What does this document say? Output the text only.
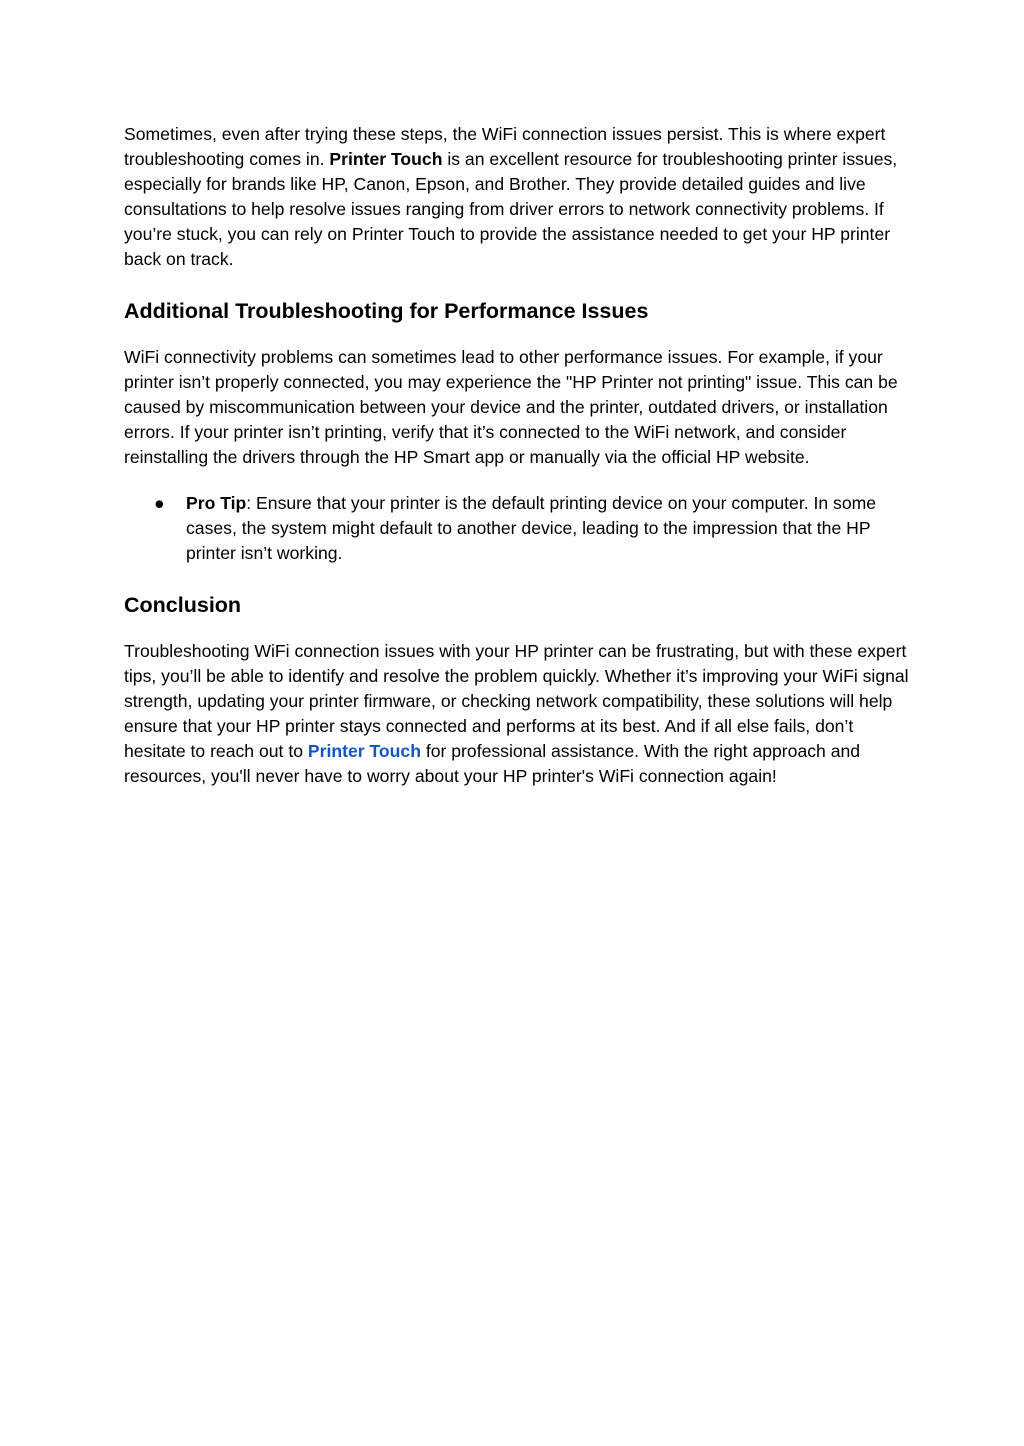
Sometimes, even after trying these steps, the WiFi connection issues persist. This is where expert troubleshooting comes in. Printer Touch is an excellent resource for troubleshooting printer issues, especially for brands like HP, Canon, Epson, and Brother. They provide detailed guides and live consultations to help resolve issues ranging from driver errors to network connectivity problems. If you’re stuck, you can rely on Printer Touch to provide the assistance needed to get your HP printer back on track.

Additional Troubleshooting for Performance Issues

WiFi connectivity problems can sometimes lead to other performance issues. For example, if your printer isn’t properly connected, you may experience the "HP Printer not printing" issue. This can be caused by miscommunication between your device and the printer, outdated drivers, or installation errors. If your printer isn’t printing, verify that it’s connected to the WiFi network, and consider reinstalling the drivers through the HP Smart app or manually via the official HP website.

● Pro Tip: Ensure that your printer is the default printing device on your computer. In some cases, the system might default to another device, leading to the impression that the HP printer isn’t working.
Conclusion

Troubleshooting WiFi connection issues with your HP printer can be frustrating, but with these expert tips, you’ll be able to identify and resolve the problem quickly. Whether it’s improving your WiFi signal strength, updating your printer firmware, or checking network compatibility, these solutions will help ensure that your HP printer stays connected and performs at its best. And if all else fails, don’t hesitate to reach out to Printer Touch for professional assistance. With the right approach and resources, you'll never have to worry about your HP printer's WiFi connection again!
